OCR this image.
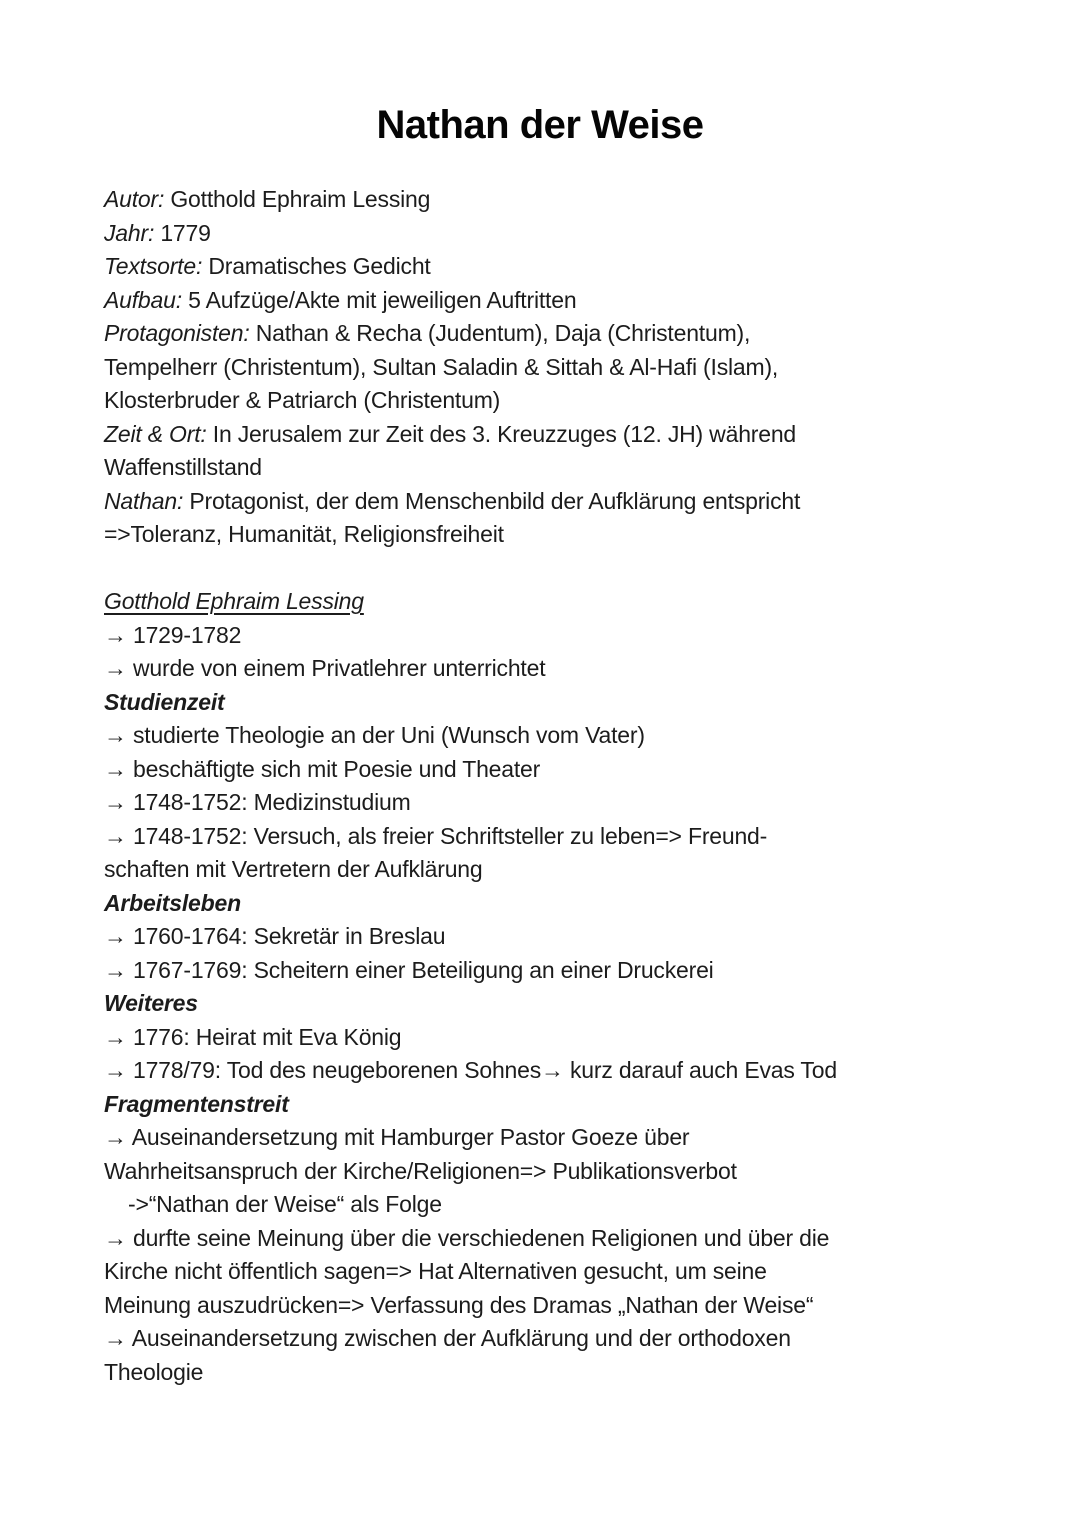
Nathan der Weise
Autor: Gotthold Ephraim Lessing
Jahr: 1779
Textsorte: Dramatisches Gedicht
Aufbau: 5 Aufzüge/Akte mit jeweiligen Auftritten
Protagonisten: Nathan & Recha (Judentum), Daja (Christentum),
Tempelherr (Christentum), Sultan Saladin & Sittah & Al-Hafi (Islam),
Klosterbruder & Patriarch (Christentum)
Zeit & Ort: In Jerusalem zur Zeit des 3. Kreuzzuges (12. JH) während
Waffenstillstand
Nathan: Protagonist, der dem Menschenbild der Aufklärung entspricht
=>Toleranz, Humanität, Religionsfreiheit
Gotthold Ephraim Lessing
→ 1729-1782
→ wurde von einem Privatlehrer unterrichtet
Studienzeit
→ studierte Theologie an der Uni (Wunsch vom Vater)
→ beschäftigte sich mit Poesie und Theater
→ 1748-1752: Medizinstudium
→ 1748-1752: Versuch, als freier Schriftsteller zu leben=> Freund-
schaften mit Vertretern der Aufklärung
Arbeitsleben
→ 1760-1764: Sekretär in Breslau
→ 1767-1769: Scheitern einer Beteiligung an einer Druckerei
Weiteres
→ 1776: Heirat mit Eva König
→ 1778/79: Tod des neugeborenen Sohnes→ kurz darauf auch Evas Tod
Fragmentenstreit
→ Auseinandersetzung mit Hamburger Pastor Goeze über
Wahrheitsanspruch der Kirche/Religionen=> Publikationsverbot
->“Nathan der Weise“ als Folge
→ durfte seine Meinung über die verschiedenen Religionen und über die
Kirche nicht öffentlich sagen=> Hat Alternativen gesucht, um seine
Meinung auszudrücken=> Verfassung des Dramas „Nathan der Weise“
→ Auseinandersetzung zwischen der Aufklärung und der orthodoxen
Theologie
